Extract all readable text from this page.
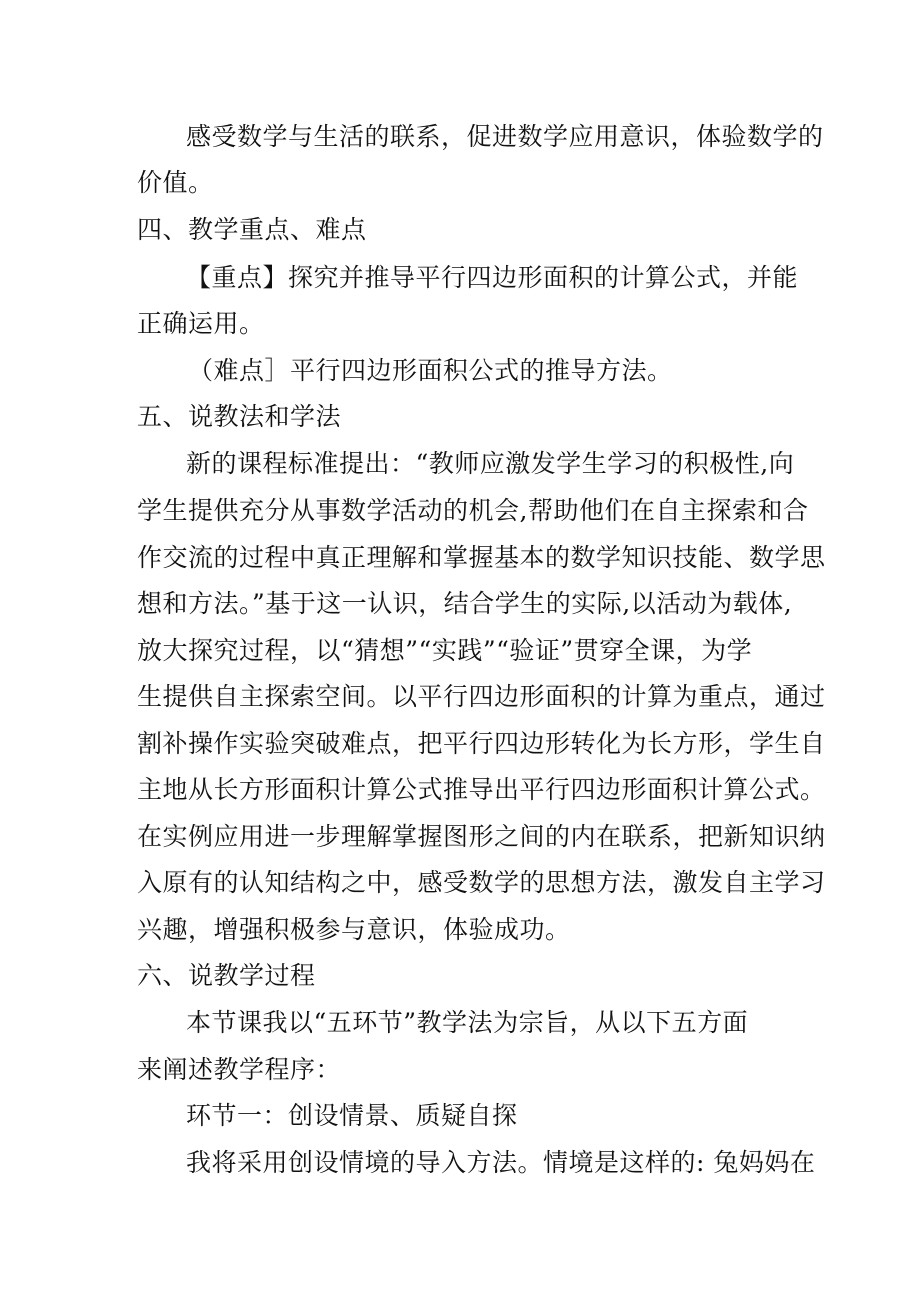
感受数学与生活的联系，促进数学应用意识，体验数学的
价值。
四、教学重点、难点
【重点】探究并推导平行四边形面积的计算公式，并能
正确运用。
（难点］平行四边形面积公式的推导方法。
五、说教法和学法
新的课程标准提出：“教师应激发学生学习的积极性,向
学生提供充分从事数学活动的机会,帮助他们在自主探索和合
作交流的过程中真正理解和掌握基本的数学知识技能、数学思
想和方法。”基于这一认识，结合学生的实际,以活动为载体,
放大探究过程，以“猜想”“实践”“验证”贯穿全课，为学
生提供自主探索空间。以平行四边形面积的计算为重点，通过
割补操作实验突破难点，把平行四边形转化为长方形，学生自
主地从长方形面积计算公式推导出平行四边形面积计算公式。
在实例应用进一步理解掌握图形之间的内在联系，把新知识纳
入原有的认知结构之中，感受数学的思想方法，激发自主学习
兴趣，增强积极参与意识，体验成功。
六、说教学过程
本节课我以“五环节”教学法为宗旨，从以下五方面
来阐述教学程序：
环节一：创设情景、质疑自探
我将采用创设情境的导入方法。情境是这样的: 兔妈妈在
